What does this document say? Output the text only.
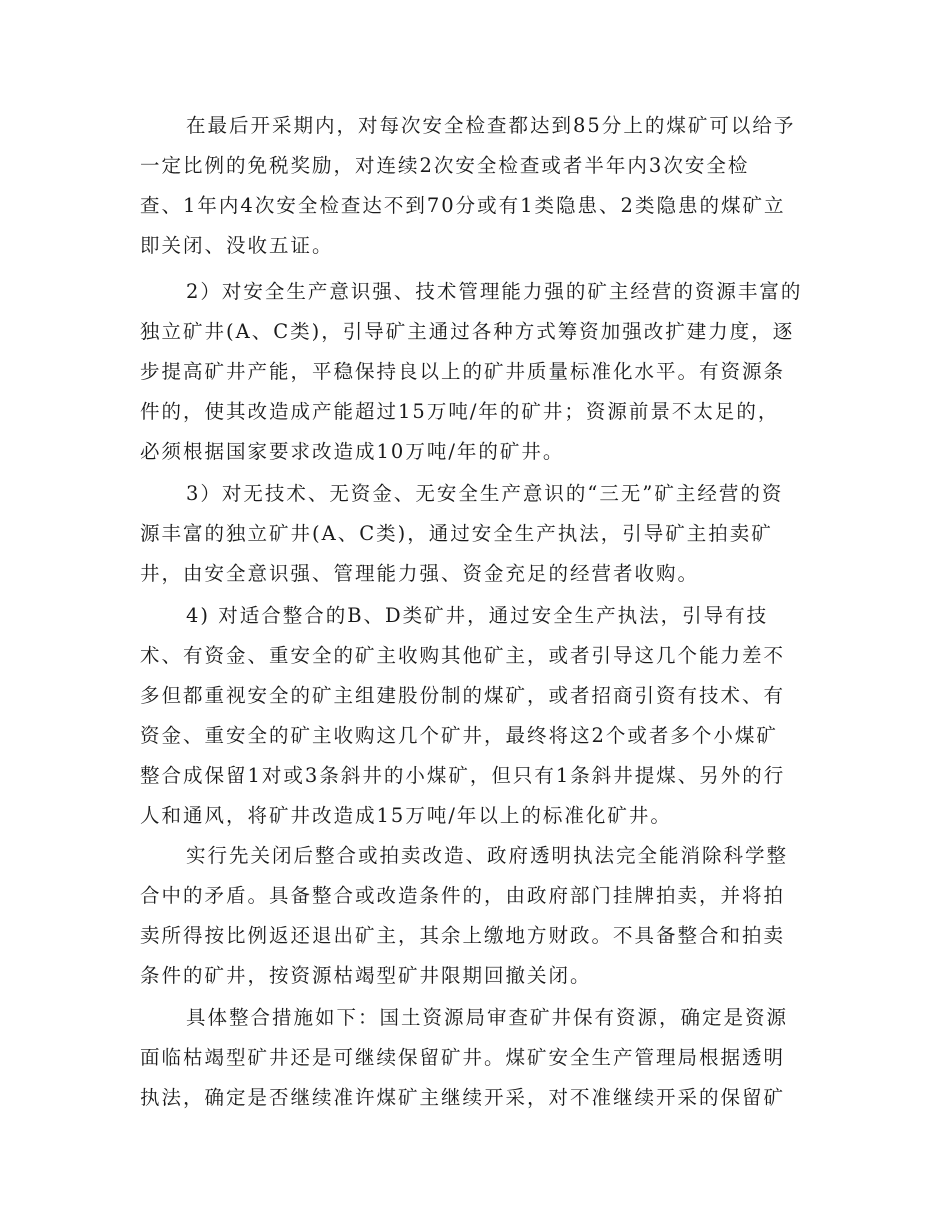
在最后开采期内，对每次安全检查都达到85分上的煤矿可以给予
一定比例的免税奖励，对连续2次安全检查或者半年内3次安全检
查、1年内4次安全检查达不到70分或有1类隐患、2类隐患的煤矿立
即关闭、没收五证。

2）对安全生产意识强、技术管理能力强的矿主经营的资源丰富的
独立矿井(A、C类)，引导矿主通过各种方式筹资加强改扩建力度，逐
步提高矿井产能，平稳保持良以上的矿井质量标准化水平。有资源条
件的，使其改造成产能超过15万吨/年的矿井；资源前景不太足的，
必须根据国家要求改造成10万吨/年的矿井。

3）对无技术、无资金、无安全生产意识的“三无”矿主经营的资
源丰富的独立矿井(A、C类)，通过安全生产执法，引导矿主拍卖矿
井，由安全意识强、管理能力强、资金充足的经营者收购。

4) 对适合整合的B、D类矿井，通过安全生产执法，引导有技
术、有资金、重安全的矿主收购其他矿主，或者引导这几个能力差不
多但都重视安全的矿主组建股份制的煤矿，或者招商引资有技术、有
资金、重安全的矿主收购这几个矿井，最终将这2个或者多个小煤矿
整合成保留1对或3条斜井的小煤矿，但只有1条斜井提煤、另外的行
人和通风，将矿井改造成15万吨/年以上的标准化矿井。

实行先关闭后整合或拍卖改造、政府透明执法完全能消除科学整
合中的矛盾。具备整合或改造条件的，由政府部门挂牌拍卖，并将拍
卖所得按比例返还退出矿主，其余上缴地方财政。不具备整合和拍卖
条件的矿井，按资源枯竭型矿井限期回撤关闭。

具体整合措施如下：国土资源局审查矿井保有资源，确定是资源
面临枯竭型矿井还是可继续保留矿井。煤矿安全生产管理局根据透明
执法，确定是否继续准许煤矿主继续开采，对不准继续开采的保留矿
